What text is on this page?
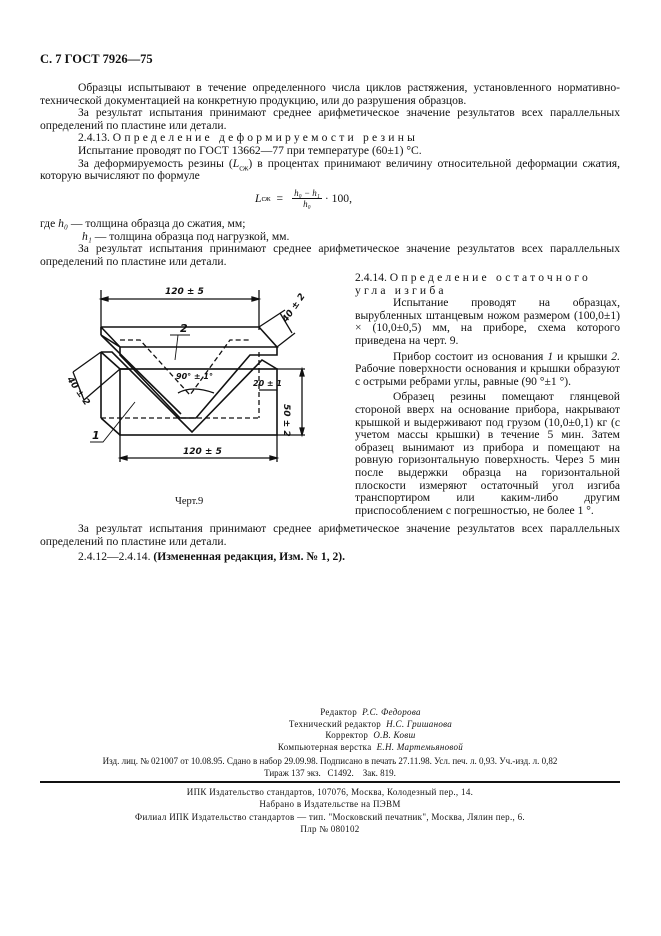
С. 7 ГОСТ 7926—75

Образцы испытывают в течение определенного числа циклов растяжения, установленного нормативно-технической документацией на конкретную продукцию, или до разрушения образцов.

За результат испытания принимают среднее арифметическое значение результатов всех параллельных определений по пластине или детали.

2.4.13. Определение деформируемости резины

Испытание проводят по ГОСТ 13662—77 при температуре (60±1) °С.

За деформируемость резины $(L_{сж})$ в процентах принимают величину относительной деформации сжатия, которую вычисляют по формуле

L сж = $\frac{\text{h₀ − h₁}}{\text{h₀}} \cdot 100$,
где h₀ — толщина образца до сжатия, мм;
h₁ — толщина образца под нагрузкой, мм.

За результат испытания принимают среднее арифметическое значение результатов всех параллельных определений по пластине или детали.

2.4.14. Определение остаточного угла изгиба

Испытание проводят на образцах, вырубленных штанцевым ножом размером (100,0±1) × (10,0±0,5) мм, на приборе, схема которого приведена на черт. 9.

Прибор состоит из основания 1 и крышки 2. Рабочие поверхности основания и крышки образуют с острыми ребрами углы, равные (90 °±1 °).

Образец резины помещают глянцевой стороной вверх на основание прибора, накрывают крышкой и выдерживают под грузом (10,0±0,1) кг (с учетом массы крышки) в течение 5 мин. Затем образец вынимают из прибора и помещают на ровную горизонтальную поверхность. Через 5 мин после выдержки образца на горизонтальной плоскости измеряют остаточный угол изгиба транспортиром или каким-либо другим приспособлением с погрешностью, не более 1 °.

120 ± 5
40 ± 2
40 ± 2
50 ± 2
20 ± 1
90° ± 1°
120 ± 5
2
1
Черт.9

За результат испытания принимают среднее арифметическое значение результатов всех параллельных определений по пластине или детали.

2.4.12—2.4.14. (Измененная редакция, Изм. № 1, 2).

Редактор Р.С. Федорова
Технический редактор Н.С. Гришанова
Корректор О.В. Ковш
Компьютерная верстка Е.Н. Мартемьяновой
Изд. лиц. № 021007 от 10.08.95. Сдано в набор 29.09.98. Подписано в печать 27.11.98. Усл. печ. л. 0,93. Уч.-изд. л. 0,82
Тираж 137 экз.   С1492.    Зак. 819.
ИПК Издательство стандартов, 107076, Москва, Колодезный пер., 14.
Набрано в Издательстве на ПЭВМ
Филиал ИПК Издательство стандартов — тип. "Московский печатник", Москва, Лялин пер., 6.
Плр № 080102
